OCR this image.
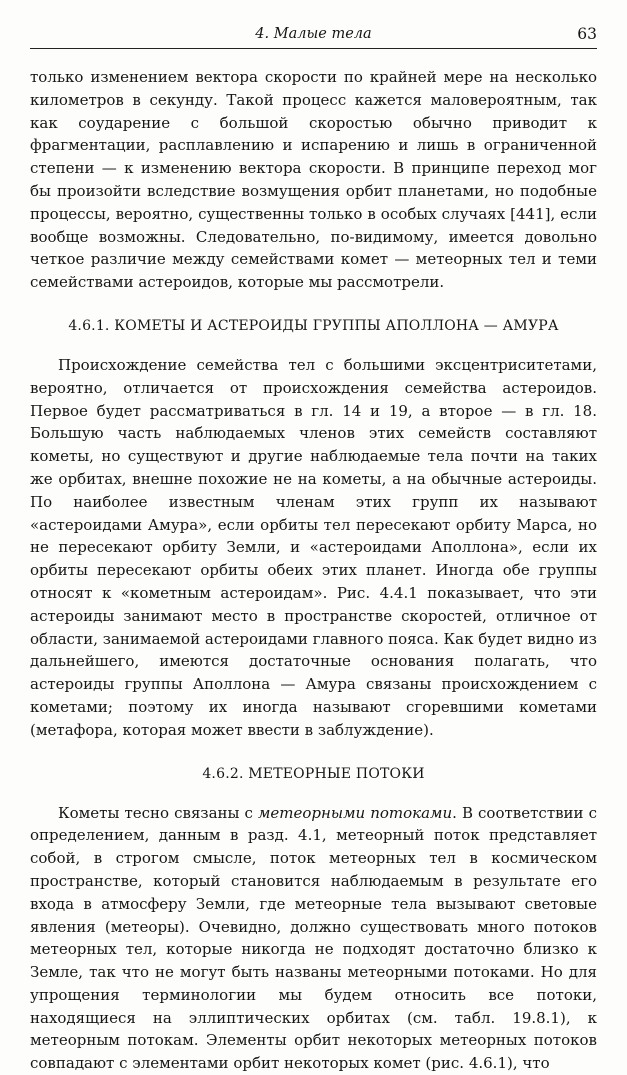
4. Малые тела	63

только изменением вектора скорости по крайней мере на несколько километров в секунду. Такой процесс кажется маловероятным, так как соударение с большой скоростью обычно приводит к фрагментации, расплавлению и испарению и лишь в ограниченной степени — к изменению вектора скорости. В принципе переход мог бы произойти вследствие возмущения орбит планетами, но подобные процессы, вероятно, существенны только в особых случаях [441], если вообще возможны. Следовательно, по-видимому, имеется довольно четкое различие между семействами комет — метеорных тел и теми семействами астероидов, которые мы рассмотрели.

4.6.1. КОМЕТЫ И АСТЕРОИДЫ ГРУППЫ АПОЛЛОНА — АМУРА

Происхождение семейства тел с большими эксцентриситетами, вероятно, отличается от происхождения семейства астероидов. Первое будет рассматриваться в гл. 14 и 19, а второе — в гл. 18. Большую часть наблюдаемых членов этих семейств составляют кометы, но существуют и другие наблюдаемые тела почти на таких же орбитах, внешне похожие не на кометы, а на обычные астероиды. По наиболее известным членам этих групп их называют «астероидами Амура», если орбиты тел пересекают орбиту Марса, но не пересекают орбиту Земли, и «астероидами Аполлона», если их орбиты пересекают орбиты обеих этих планет. Иногда обе группы относят к «кометным астероидам». Рис. 4.4.1 показывает, что эти астероиды занимают место в пространстве скоростей, отличное от области, занимаемой астероидами главного пояса. Как будет видно из дальнейшего, имеются достаточные основания полагать, что астероиды группы Аполлона — Амура связаны происхождением с кометами; поэтому их иногда называют сгоревшими кометами (метафора, которая может ввести в заблуждение).

4.6.2. МЕТЕОРНЫЕ ПОТОКИ

Кометы тесно связаны с метеорными потоками. В соответствии с определением, данным в разд. 4.1, метеорный поток представляет собой, в строгом смысле, поток метеорных тел в космическом пространстве, который становится наблюдаемым в результате его входа в атмосферу Земли, где метеорные тела вызывают световые явления (метеоры). Очевидно, должно существовать много потоков метеорных тел, которые никогда не подходят достаточно близко к Земле, так что не могут быть названы метеорными потоками. Но для упрощения терминологии мы будем относить все потоки, находящиеся на эллиптических орбитах (см. табл. 19.8.1), к метеорным потокам. Элементы орбит некоторых метеорных потоков совпадают с элементами орбит некоторых комет (рис. 4.6.1), что
